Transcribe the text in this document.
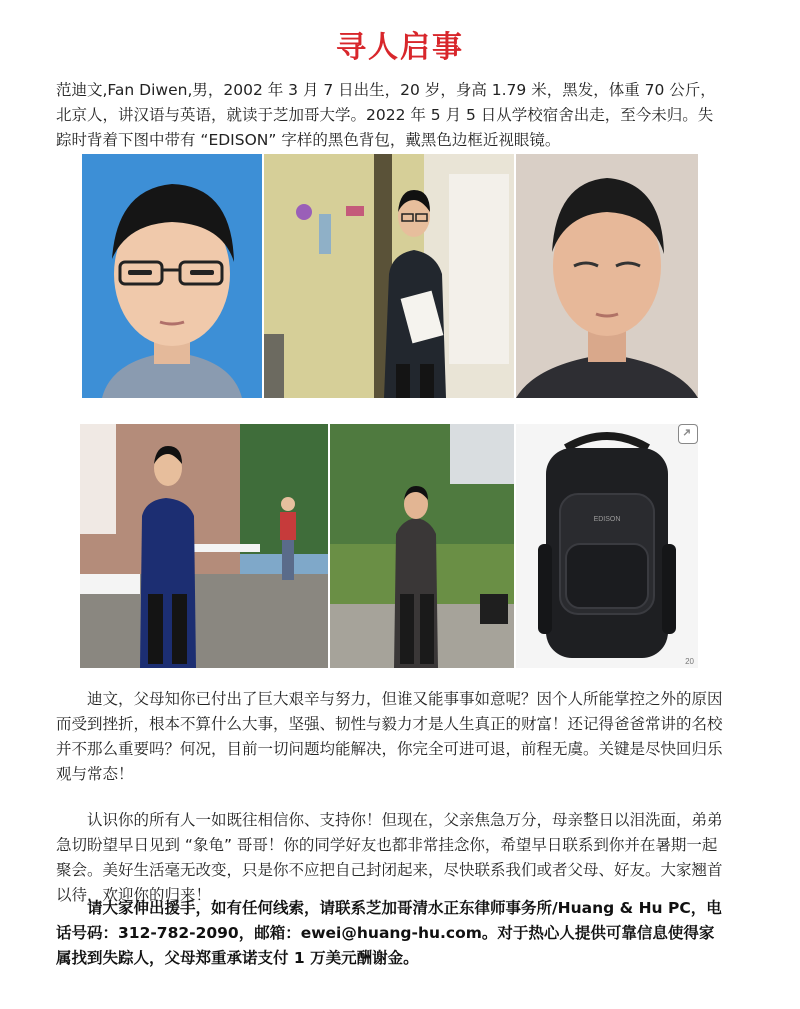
寻人启事
范迪文,Fan Diwen,男，2002 年 3 月 7 日出生，20 岁，身高 1.79 米，黑发，体重 70 公斤，北京人，讲汉语与英语，就读于芝加哥大学。2022 年 5 月 5 日从学校宿舍出走，至今未归。失踪时背着下图中带有 “EDISON” 字样的黑色背包，戴黑色边框近视眼镜。
EDISON
20
迪文，父母知你已付出了巨大艰辛与努力，但谁又能事事如意呢？因个人所能掌控之外的原因而受到挫折，根本不算什么大事，坚强、韧性与毅力才是人生真正的财富！还记得爸爸常讲的名校并不那么重要吗？何况，目前一切问题均能解决，你完全可进可退，前程无虞。关键是尽快回归乐观与常态！
认识你的所有人一如既往相信你、支持你！但现在，父亲焦急万分，母亲整日以泪洗面，弟弟急切盼望早日见到 “象龟” 哥哥！你的同学好友也都非常挂念你，希望早日联系到你并在暑期一起聚会。美好生活毫无改变，只是你不应把自己封闭起来，尽快联系我们或者父母、好友。大家翘首以待，欢迎你的归来！
请大家伸出援手，如有任何线索，请联系芝加哥清水正东律师事务所/Huang & Hu PC，电话号码：312-782-2090，邮箱：ewei@huang-hu.com。对于热心人提供可靠信息使得家属找到失踪人，父母郑重承诺支付 1 万美元酬谢金。
